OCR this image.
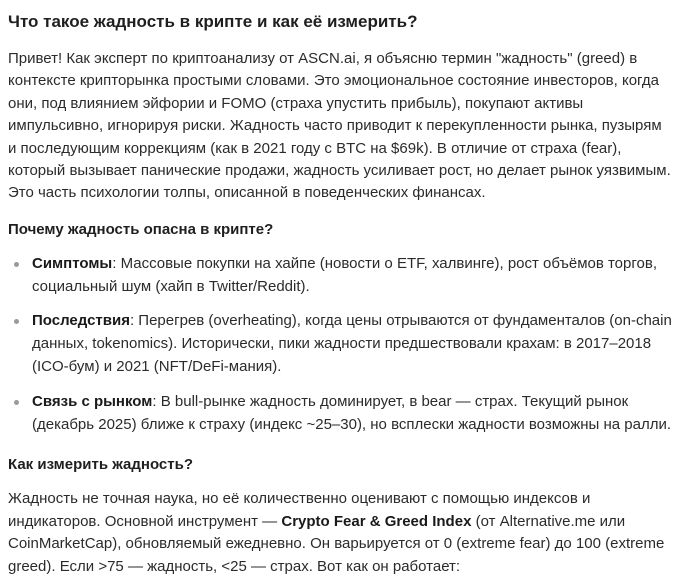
Что такое жадность в крипте и как её измерить?

Привет! Как эксперт по криптоанализу от ASCN.ai, я объясню термин "жадность" (greed) в контексте крипторынка простыми словами. Это эмоциональное состояние инвесторов, когда они, под влиянием эйфории и FOMO (страха упустить прибыль), покупают активы импульсивно, игнорируя риски. Жадность часто приводит к перекупленности рынка, пузырям и последующим коррекциям (как в 2021 году с BTC на $69k). В отличие от страха (fear), который вызывает панические продажи, жадность усиливает рост, но делает рынок уязвимым. Это часть психологии толпы, описанной в поведенческих финансах.

Почему жадность опасна в крипте?
Симптомы: Массовые покупки на хайпе (новости о ETF, халвинге), рост объёмов торгов, социальный шум (хайп в Twitter/Reddit).
Последствия: Перегрев (overheating), когда цены отрываются от фундаменталов (on-chain данных, tokenomics). Исторически, пики жадности предшествовали крахам: в 2017–2018 (ICO-бум) и 2021 (NFT/DeFi-мания).
Связь с рынком: В bull-рынке жадность доминирует, в bear — страх. Текущий рынок (декабрь 2025) ближе к страху (индекс ~25–30), но всплески жадности возможны на ралли.
Как измерить жадность?

Жадность не точная наука, но её количественно оценивают с помощью индексов и индикаторов. Основной инструмент — Crypto Fear & Greed Index (от Alternative.me или CoinMarketCap), обновляемый ежедневно. Он варьируется от 0 (extreme fear) до 100 (extreme greed). Если >75 — жадность, <25 — страх. Вот как он работает:
